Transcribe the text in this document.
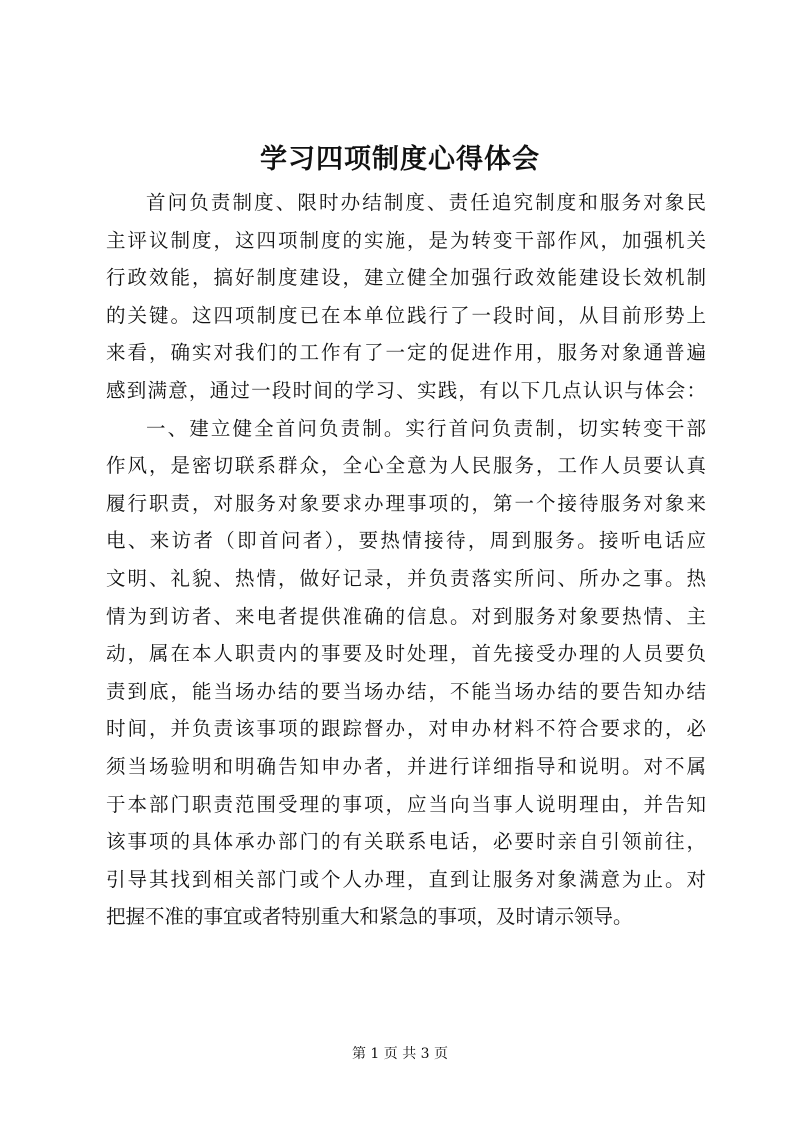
学习四项制度心得体会
首问负责制度、限时办结制度、责任追究制度和服务对象民
主评议制度，这四项制度的实施，是为转变干部作风，加强机关
行政效能，搞好制度建设，建立健全加强行政效能建设长效机制
的关键。这四项制度已在本单位践行了一段时间，从目前形势上
来看，确实对我们的工作有了一定的促进作用，服务对象通普遍
感到满意，通过一段时间的学习、实践，有以下几点认识与体会：
一、建立健全首问负责制。实行首问负责制，切实转变干部
作风，是密切联系群众，全心全意为人民服务，工作人员要认真
履行职责，对服务对象要求办理事项的，第一个接待服务对象来
电、来访者（即首问者），要热情接待，周到服务。接听电话应
文明、礼貌、热情，做好记录，并负责落实所问、所办之事。热
情为到访者、来电者提供准确的信息。对到服务对象要热情、主
动，属在本人职责内的事要及时处理，首先接受办理的人员要负
责到底，能当场办结的要当场办结，不能当场办结的要告知办结
时间，并负责该事项的跟踪督办，对申办材料不符合要求的，必
须当场验明和明确告知申办者，并进行详细指导和说明。对不属
于本部门职责范围受理的事项，应当向当事人说明理由，并告知
该事项的具体承办部门的有关联系电话，必要时亲自引领前往，
引导其找到相关部门或个人办理，直到让服务对象满意为止。对
把握不准的事宜或者特别重大和紧急的事项，及时请示领导。
第 1 页 共 3 页
